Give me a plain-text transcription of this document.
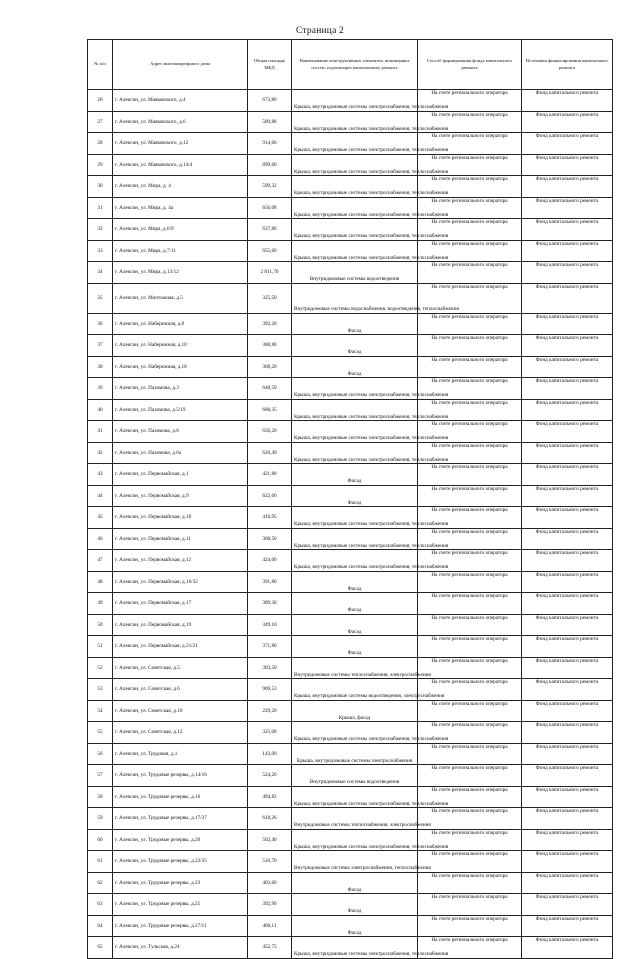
Страница 2
№ п/п	Адрес многоквартирного дома	Общая площадь МКД	Наименование конструктивных элементов, инженерных систем, подлежащих капитальному ремонту	Способ формирования фонда капитального ремонта	Источники финансирования капитального ремонта
26	г. Алексин, ул. Маяковского, д.4	673,80	Крыша, внутридомовые системы электроснабжения, теплоснабжения	На счете регионального оператора	Фонд капитального ремонта
27	г. Алексин, ул. Маяковского, д.6	589,88	Крыша, внутридомовые системы электроснабжения, теплоснабжения	На счете регионального оператора	Фонд капитального ремонта
28	г. Алексин, ул. Маяковского, д.12	914,66	Крыша, внутридомовые системы электроснабжения, теплоснабжения	На счете регионального оператора	Фонд капитального ремонта
29	г. Алексин, ул. Маяковского, д.14/4	899,60	Крыша, внутридомовые системы электроснабжения, теплоснабжения	На счете регионального оператора	Фонд капитального ремонта
30	г. Алексин, ул. Мира, д. 4	599,32	Крыша, внутридомовые системы электроснабжения, теплоснабжения	На счете регионального оператора	Фонд капитального ремонта
31	г. Алексин, ул. Мира, д. 4а	656,08	Крыша, внутридомовые системы электроснабжения, теплоснабжения	На счете регионального оператора	Фонд капитального ремонта
32	г. Алексин, ул. Мира, д.6/9	637,80	Крыша, внутридомовые системы электроснабжения, теплоснабжения	На счете регионального оператора	Фонд капитального ремонта
33	г. Алексин, ул. Мира, д.7/11	655,66	Крыша, внутридомовые системы электроснабжения, теплоснабжения	На счете регионального оператора	Фонд капитального ремонта
34	г. Алексин, ул. Мира, д.13/12	2 811,70	Внутридомовые системы водоотведения	На счете регионального оператора	Фонд капитального ремонта
35	г. Алексин, ул. Монтажная, д.5	325,50	Внутридомовые системы водоснабжения, водоотведения, теплоснабжения	На счете регионального оператора	Фонд капитального ремонта
36	г. Алексин, ул. Набережная, д.8	393,20	Фасад	На счете регионального оператора	Фонд капитального ремонта
37	г. Алексин, ул. Набережная, д.10	388,80	Фасад	На счете регионального оператора	Фонд капитального ремонта
38	г. Алексин, ул. Набережная, д.18	368,20	Фасад	На счете регионального оператора	Фонд капитального ремонта
39	г. Алексин, ул. Пахомова, д.3	648,59	Крыша, внутридомовые системы электроснабжения, теплоснабжения	На счете регионального оператора	Фонд капитального ремонта
40	г. Алексин, ул. Пахомова, д.5/19	688,35	Крыша, внутридомовые системы электроснабжения, теплоснабжения	На счете регионального оператора	Фонд капитального ремонта
41	г. Алексин, ул. Пахомова, д.6	656,20	Крыша, внутридомовые системы электроснабжения, теплоснабжения	На счете регионального оператора	Фонд капитального ремонта
42	г. Алексин, ул. Пахомова, д.6а	620,49	Крыша, внутридомовые системы электроснабжения, теплоснабжения	На счете регионального оператора	Фонд капитального ремонта
43	г. Алексин, ул. Первомайская, д.1	421,80	Фасад	На счете регионального оператора	Фонд капитального ремонта
44	г. Алексин, ул. Первомайская, д.9	622,60	Фасад	На счете регионального оператора	Фонд капитального ремонта
45	г. Алексин, ул. Первомайская, д.10	416,95	Крыша, внутридомовые системы электроснабжения, теплоснабжения	На счете регионального оператора	Фонд капитального ремонта
46	г. Алексин, ул. Первомайская, д.11	368,50	Крыша, внутридомовые системы электроснабжения, теплоснабжения	На счете регионального оператора	Фонд капитального ремонта
47	г. Алексин, ул. Первомайская, д.12	424,00	Крыша, внутридомовые системы электроснабжения, теплоснабжения	На счете регионального оператора	Фонд капитального ремонта
48	г. Алексин, ул. Первомайская, д.16/32	391,80	Фасад	На счете регионального оператора	Фонд капитального ремонта
49	г. Алексин, ул. Первомайская, д.17	389,30	Фасад	На счете регионального оператора	Фонд капитального ремонта
50	г. Алексин, ул. Первомайская, д.19	349,10	Фасад	На счете регионального оператора	Фонд капитального ремонта
51	г. Алексин, ул. Первомайская, д.21/21	371,80	Фасад	На счете регионального оператора	Фонд капитального ремонта
52	г. Алексин, ул. Советская, д.5	303,50	Внутридомовые системы теплоснабжения, электроснабжения	На счете регионального оператора	Фонд капитального ремонта
53	г. Алексин, ул. Советская, д.6	909,53	Крыша, внутридомовые системы водоотведения, электроснабжения	На счете регионального оператора	Фонд капитального ремонта
54	г. Алексин, ул. Советская, д.10	229,20	Крыша, фасад	На счете регионального оператора	Фонд капитального ремонта
55	г. Алексин, ул. Советская, д.12	325,08	Крыша, внутридомовые системы электроснабжения, теплоснабжения	На счете регионального оператора	Фонд капитального ремонта
56	г. Алексин, ул. Трудовая, д.1	143,00	Крыша, внутридомовые системы электроснабжения	На счете регионального оператора	Фонд капитального ремонта
57	г. Алексин, ул. Трудовые резервы, д.14/16	524,26	Внутридомовые системы водоотведения	На счете регионального оператора	Фонд капитального ремонта
58	г. Алексин, ул. Трудовые резервы, д.16	494,82	Крыша, внутридомовые системы электроснабжения, теплоснабжения	На счете регионального оператора	Фонд капитального ремонта
59	г. Алексин, ул. Трудовые резервы, д.17/37	618,26	Внутридомовые системы теплоснабжения, электроснабжения	На счете регионального оператора	Фонд капитального ремонта
60	г. Алексин, ул. Трудовые резервы, д.20	502,40	Крыша, внутридомовые системы электроснабжения, теплоснабжения	На счете регионального оператора	Фонд капитального ремонта
61	г. Алексин, ул. Трудовые резервы, д.22/35	510,70	Внутридомовые системы электроснабжения, теплоснабжения	На счете регионального оператора	Фонд капитального ремонта
62	г. Алексин, ул. Трудовые резервы, д.23	403,60	Фасад	На счете регионального оператора	Фонд капитального ремонта
63	г. Алексин, ул. Трудовые резервы, д.25	392,90	Фасад	На счете регионального оператора	Фонд капитального ремонта
64	г. Алексин, ул. Трудовые резервы, д.27/11	406,11	Фасад	На счете регионального оператора	Фонд капитального ремонта
65	г. Алексин, ул. Тульская, д.24	452,75	Крыша, внутридомовые системы электроснабжения, теплоснабжения	На счете регионального оператора	Фонд капитального ремонта
